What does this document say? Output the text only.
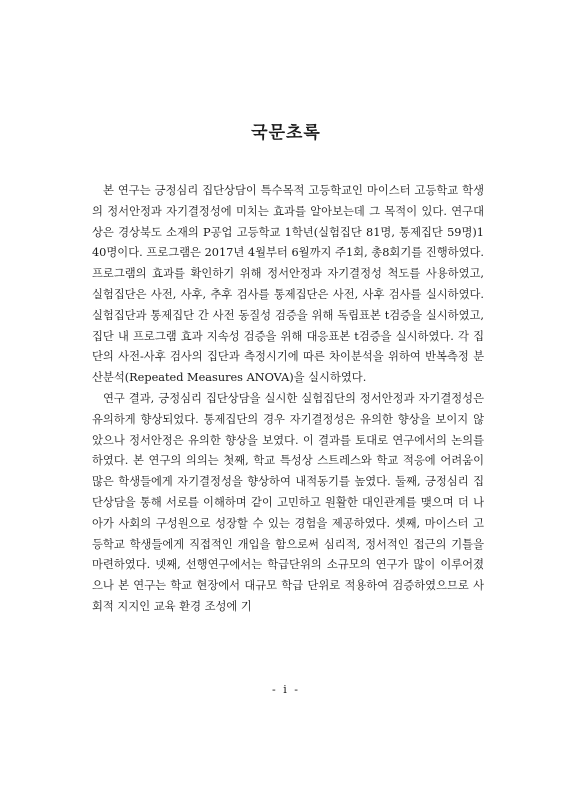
국문초록

본 연구는 긍정심리 집단상담이 특수목적 고등학교인 마이스터 고등학교 학생의 정서안정과 자기결정성에 미치는 효과를 알아보는데 그 목적이 있다. 연구대상은 경상북도 소재의 P공업 고등학교 1학년(실험집단 81명, 통제집단 59명)140명이다. 프로그램은 2017년 4월부터 6월까지 주1회, 총8회기를 진행하였다. 프로그램의 효과를 확인하기 위해 정서안정과 자기결정성 척도를 사용하였고, 실험집단은 사전, 사후, 추후 검사를 통제집단은 사전, 사후 검사를 실시하였다. 실험집단과 통제집단 간 사전 동질성 검증을 위해 독립표본 t검증을 실시하였고, 집단 내 프로그램 효과 지속성 검증을 위해 대응표본 t검증을 실시하였다. 각 집단의 사전-사후 검사의 집단과 측정시기에 따른 차이분석을 위하여 반복측정 분산분석(Repeated Measures ANOVA)을 실시하였다.

연구 결과, 긍정심리 집단상담을 실시한 실험집단의 정서안정과 자기결정성은 유의하게 향상되었다. 통제집단의 경우 자기결정성은 유의한 향상을 보이지 않았으나 정서안정은 유의한 향상을 보였다. 이 결과를 토대로 연구에서의 논의를 하였다. 본 연구의 의의는 첫째, 학교 특성상 스트레스와 학교 적응에 어려움이 많은 학생들에게 자기결정성을 향상하여 내적동기를 높였다. 둘째, 긍정심리 집단상담을 통해 서로를 이해하며 같이 고민하고 원활한 대인관계를 맺으며 더 나아가 사회의 구성원으로 성장할 수 있는 경험을 제공하였다. 셋째, 마이스터 고등학교 학생들에게 직접적인 개입을 함으로써 심리적, 정서적인 접근의 기틀을 마련하였다. 넷째, 선행연구에서는 학급단위의 소규모의 연구가 많이 이루어졌으나 본 연구는 학교 현장에서 대규모 학급 단위로 적용하여 검증하였으므로 사회적 지지인 교육 환경 조성에 기

- i -
